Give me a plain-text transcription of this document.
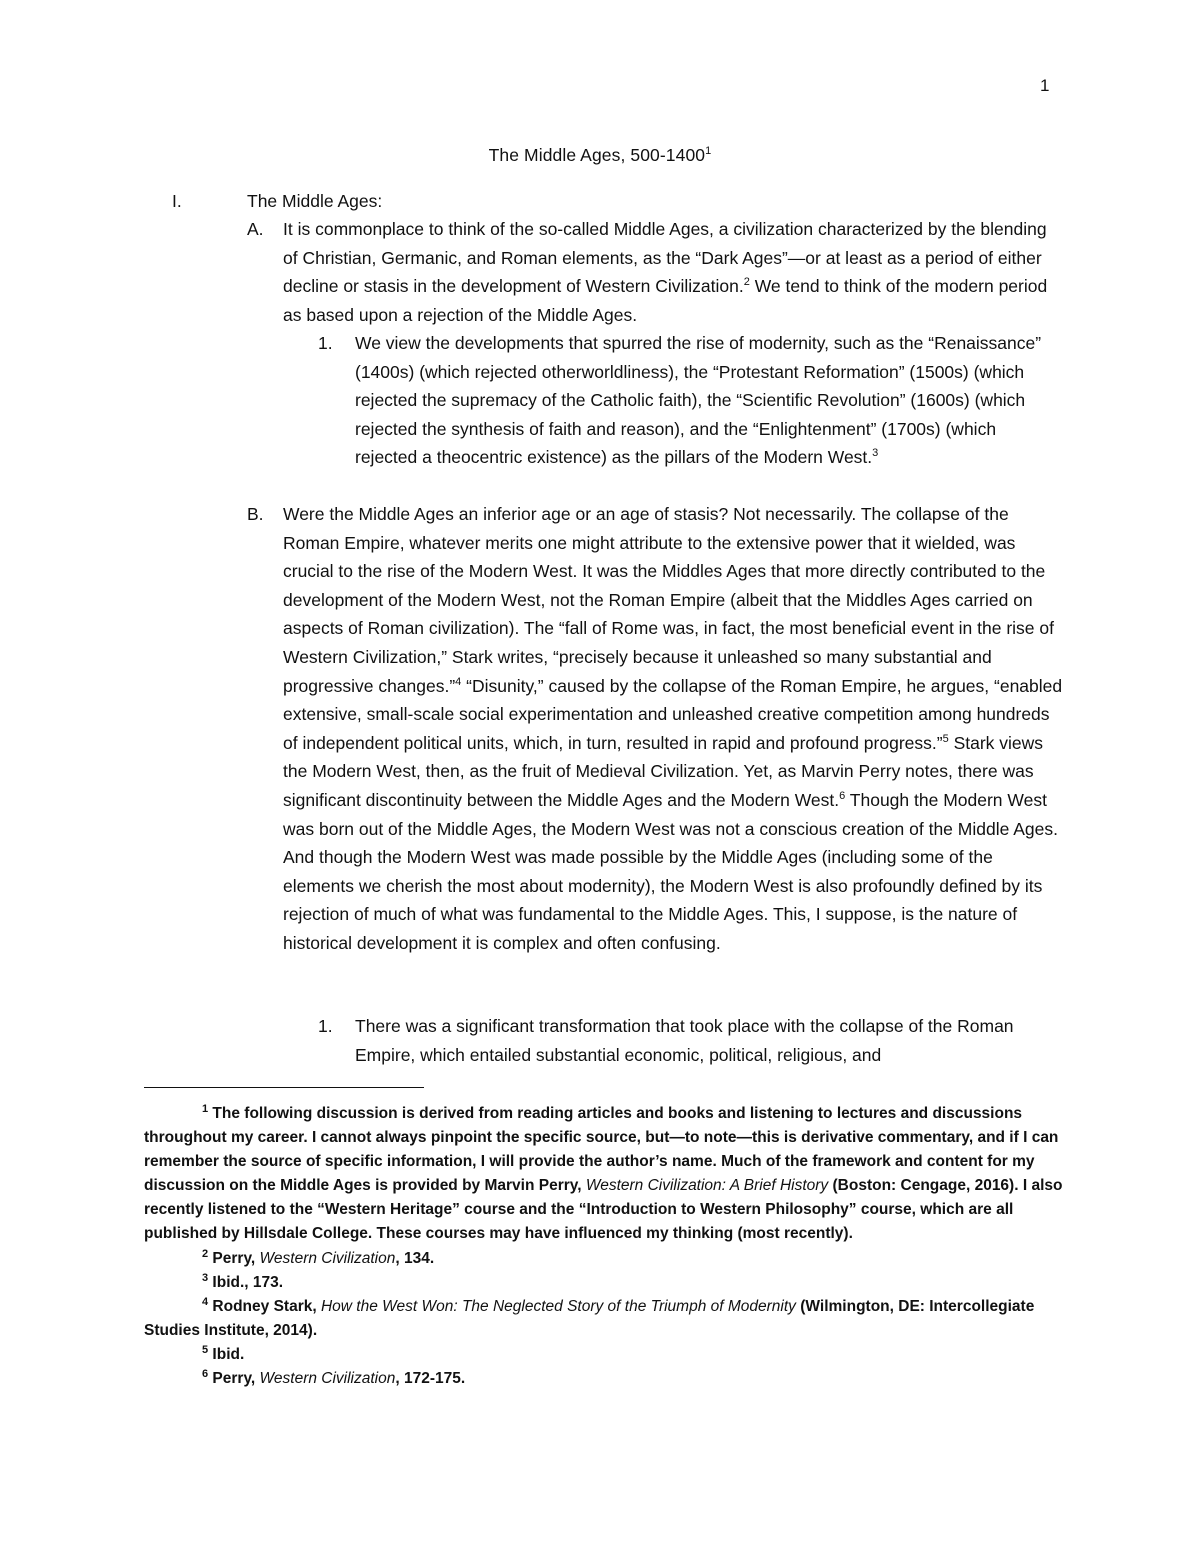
1
The Middle Ages, 500-1400$^1$
I.	The Middle Ages:
A. It is commonplace to think of the so-called Middle Ages, a civilization characterized by the blending of Christian, Germanic, and Roman elements, as the “Dark Ages”—or at least as a period of either decline or stasis in the development of Western Civilization.$^2$ We tend to think of the modern period as based upon a rejection of the Middle Ages.
1. We view the developments that spurred the rise of modernity, such as the “Renaissance” (1400s) (which rejected otherworldliness), the “Protestant Reformation” (1500s) (which rejected the supremacy of the Catholic faith), the “Scientific Revolution” (1600s) (which rejected the synthesis of faith and reason), and the “Enlightenment” (1700s) (which rejected a theocentric existence) as the pillars of the Modern West.$^3$
B. Were the Middle Ages an inferior age or an age of stasis? Not necessarily. The collapse of the Roman Empire, whatever merits one might attribute to the extensive power that it wielded, was crucial to the rise of the Modern West. It was the Middles Ages that more directly contributed to the development of the Modern West, not the Roman Empire (albeit that the Middles Ages carried on aspects of Roman civilization). The “fall of Rome was, in fact, the most beneficial event in the rise of Western Civilization,” Stark writes, “precisely because it unleashed so many substantial and progressive changes.”$^4$ “Disunity,” caused by the collapse of the Roman Empire, he argues, “enabled extensive, small-scale social experimentation and unleashed creative competition among hundreds of independent political units, which, in turn, resulted in rapid and profound progress.”$^5$ Stark views the Modern West, then, as the fruit of Medieval Civilization. Yet, as Marvin Perry notes, there was significant discontinuity between the Middle Ages and the Modern West.$^6$ Though the Modern West was born out of the Middle Ages, the Modern West was not a conscious creation of the Middle Ages. And though the Modern West was made possible by the Middle Ages (including some of the elements we cherish the most about modernity), the Modern West is also profoundly defined by its rejection of much of what was fundamental to the Middle Ages. This, I suppose, is the nature of historical development it is complex and often confusing.
1. There was a significant transformation that took place with the collapse of the Roman Empire, which entailed substantial economic, political, religious, and

$^1$ The following discussion is derived from reading articles and books and listening to lectures and discussions throughout my career. I cannot always pinpoint the specific source, but—to note—this is derivative commentary, and if I can remember the source of specific information, I will provide the author’s name. Much of the framework and content for my discussion on the Middle Ages is provided by Marvin Perry, Western Civilization: A Brief History (Boston: Cengage, 2016). I also recently listened to the “Western Heritage” course and the “Introduction to Western Philosophy” course, which are all published by Hillsdale College. These courses may have influenced my thinking (most recently).

$^2$ Perry, Western Civilization, 134.

$^3$ Ibid., 173.

$^4$ Rodney Stark, How the West Won: The Neglected Story of the Triumph of Modernity (Wilmington, DE: Intercollegiate Studies Institute, 2014).

$^5$ Ibid.

$^6$ Perry, Western Civilization, 172-175.
